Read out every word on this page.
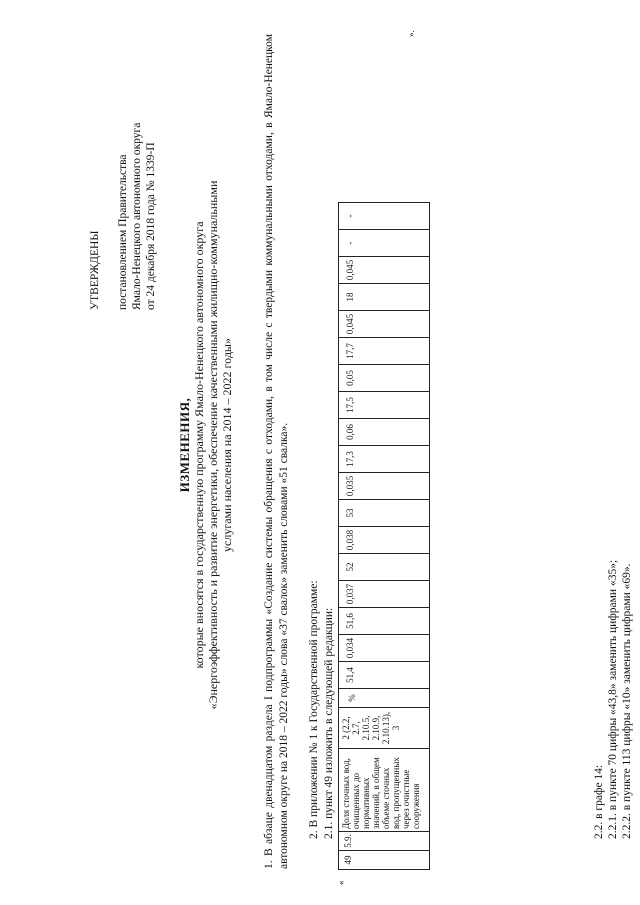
УТВЕРЖДЕНЫ постановлением Правительства Ямало-Ненецкого автономного округа от 24 декабря 2018 года № 1339-П
ИЗМЕНЕНИЯ, которые вносятся в государственную программу Ямало-Ненецкого автономного округа «Энергоэффективность и развитие энергетики, обеспечение качественными жилищно-коммунальными услугами населения на 2014 – 2022 годы»	1. В абзаце двенадцатом раздела I подпрограммы «Создание системы обращения с отходами, в том числе с твердыми коммунальными отходами, в Ямало-Ненецком автономном округе на 2018 – 2022 годы» слова «37 свалок» заменить словами «51 свалка». 2. В приложении № 1 к Государственной программе: 2.1. пункт 49 изложить в следующей редакции:
«
49	5.9.	Доля сточных вод, очищенных до нормативных значений, в общем объеме сточных вод, пропущенных через очистные сооружения	2 (2.2, 2.7, 2.10.5, 2.10.9, 2.10.13), 3	%	51,4	0,034	51,6	0,037	52	0,038	53	0,035	17,3	0,06	17,5	0,05	17,7	0,045	18	0,045	-	-
».
2.2. в графе 14: 2.2.1. в пункте 70 цифры «43,8» заменить цифрами «35»; 2.2.2. в пункте 113 цифры «10» заменить цифрами «69».
